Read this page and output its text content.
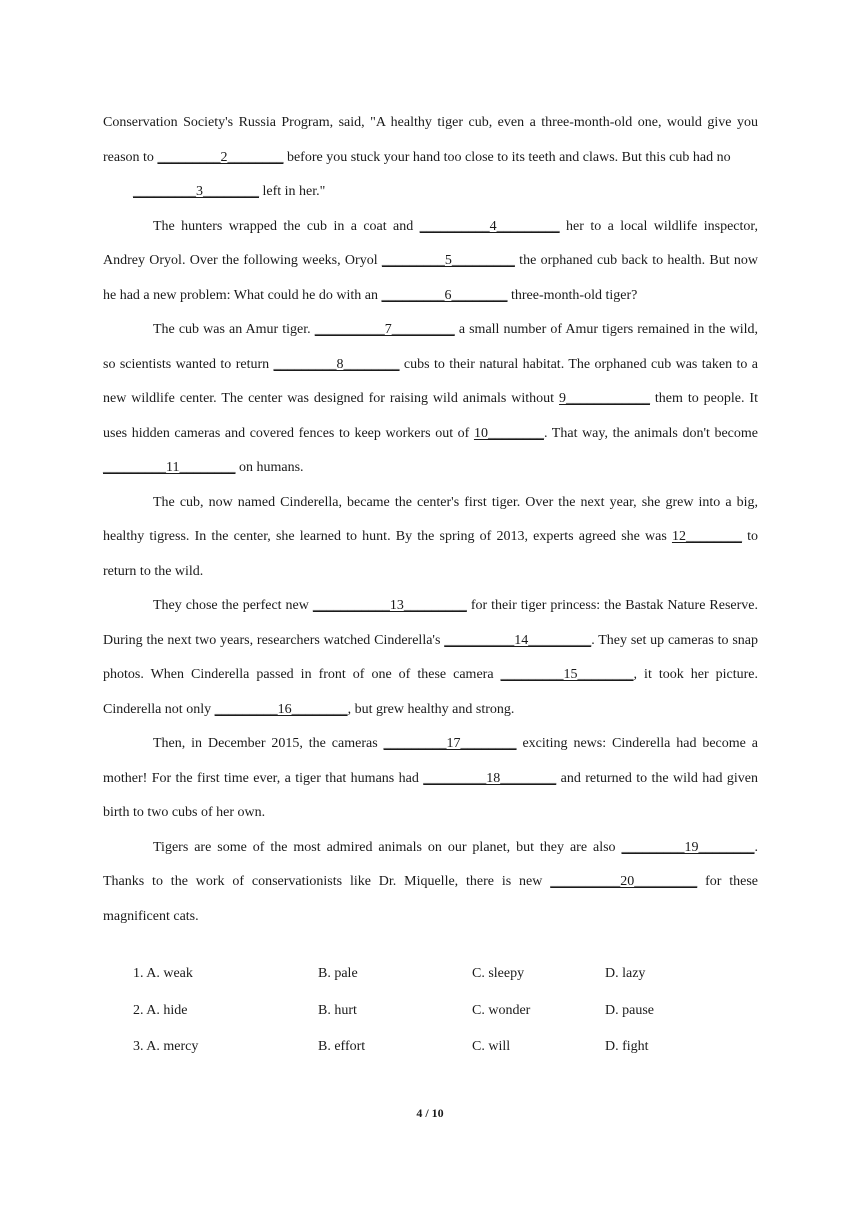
Conservation Society's Russia Program, said, "A healthy tiger cub, even a three-month-old one, would give you reason to _________2________ before you stuck your hand too close to its teeth and claws. But this cub had no

_________3________ left in her."

The hunters wrapped the cub in a coat and __________4_________ her to a local wildlife inspector, Andrey Oryol. Over the following weeks, Oryol _________5_________ the orphaned cub back to health. But now he had a new problem: What could he do with an _________6________ three-month-old tiger?

The cub was an Amur tiger. __________7_________ a small number of Amur tigers remained in the wild, so scientists wanted to return _________8________ cubs to their natural habitat. The orphaned cub was taken to a new wildlife center. The center was designed for raising wild animals without 9____________ them to people. It uses hidden cameras and covered fences to keep workers out of 10________. That way, the animals don't become _________11________ on humans.

The cub, now named Cinderella, became the center's first tiger. Over the next year, she grew into a big, healthy tigress. In the center, she learned to hunt. By the spring of 2013, experts agreed she was 12________ to return to the wild.

They chose the perfect new ___________13_________ for their tiger princess: the Bastak Nature Reserve. During the next two years, researchers watched Cinderella's __________14_________. They set up cameras to snap photos. When Cinderella passed in front of one of these camera _________15________, it took her picture. Cinderella not only _________16________, but grew healthy and strong.

Then, in December 2015, the cameras _________17________ exciting news: Cinderella had become a mother! For the first time ever, a tiger that humans had _________18________ and returned to the wild had given birth to two cubs of her own.

Tigers are some of the most admired animals on our planet, but they are also _________19________. Thanks to the work of conservationists like Dr. Miquelle, there is new __________20_________ for these magnificent cats.

1. A. weak	B. pale	C. sleepy	D. lazy
2. A. hide	B. hurt	C. wonder	D. pause
3. A. mercy	B. effort	C. will	D. fight
4 / 10
